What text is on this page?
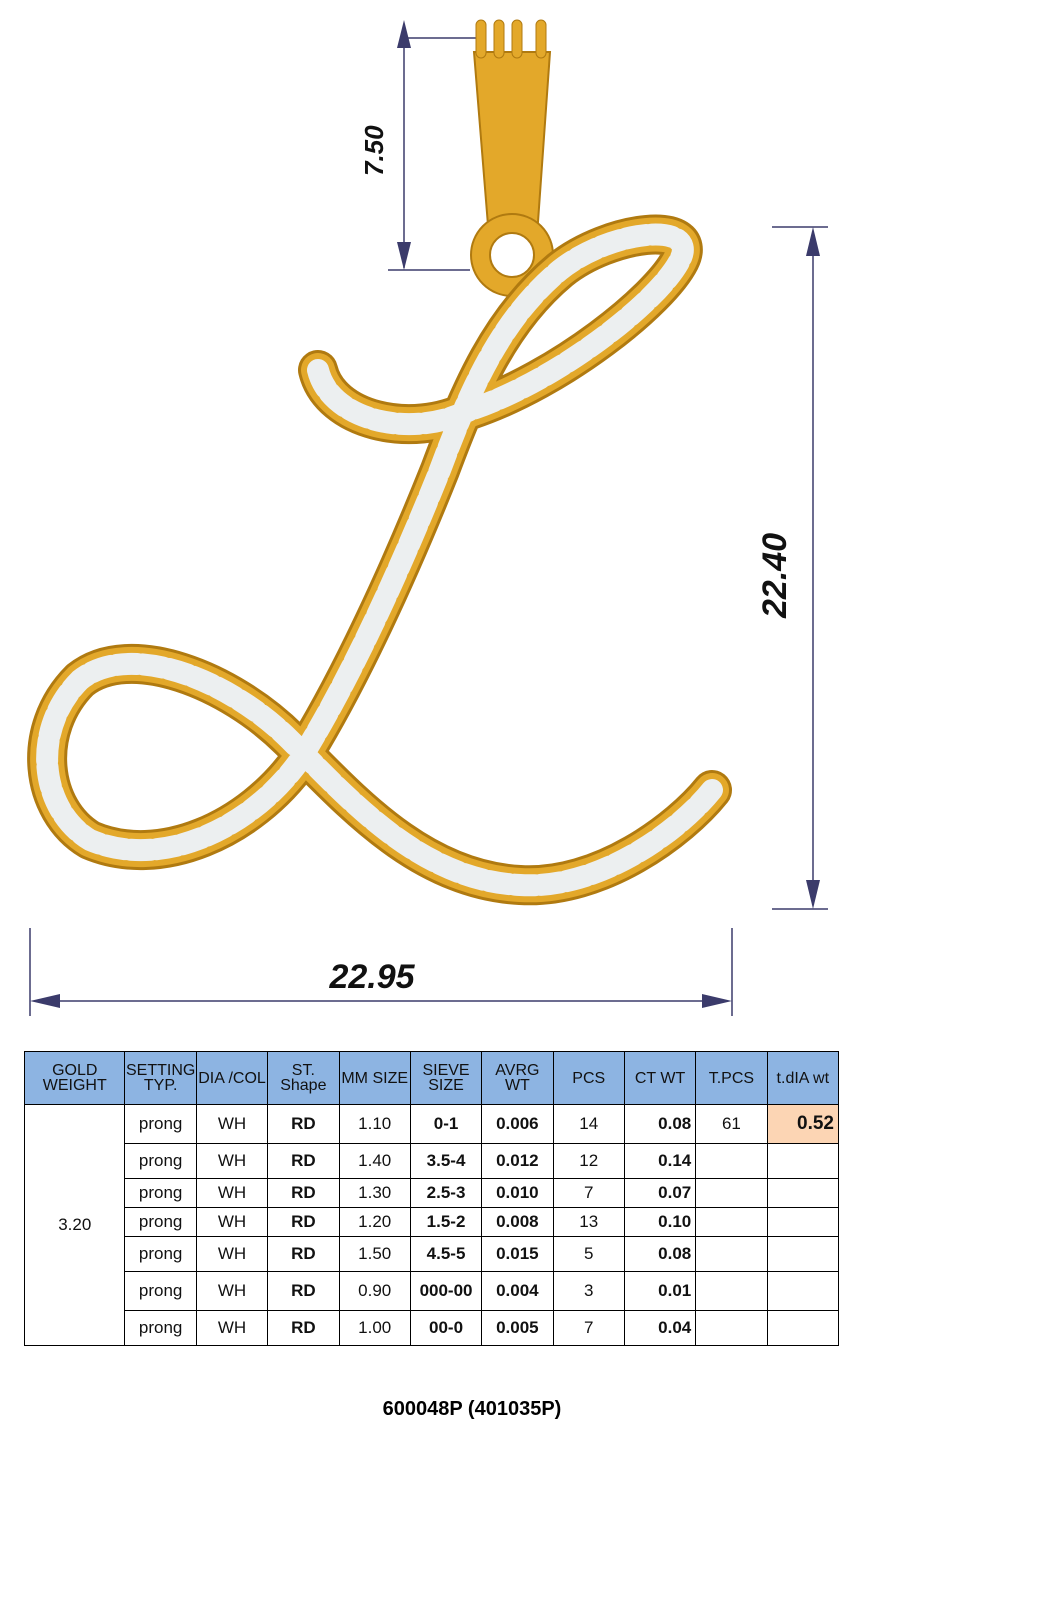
7.50
22.40
22.95
GOLD WEIGHT	SETTING TYP.	DIA /COL	ST. Shape	MM SIZE	SIEVE SIZE	AVRG WT	PCS	CT WT	T.PCS	t.dIA wt
3.20	prong	WH	RD	1.10	0-1	0.006	14	0.08	61	0.52
	prong	WH	RD	1.40	3.5-4	0.012	12	0.14		
	prong	WH	RD	1.30	2.5-3	0.010	7	0.07		
	prong	WH	RD	1.20	1.5-2	0.008	13	0.10		
	prong	WH	RD	1.50	4.5-5	0.015	5	0.08		
	prong	WH	RD	0.90	000-00	0.004	3	0.01		
	prong	WH	RD	1.00	00-0	0.005	7	0.04		
600048P (401035P)
